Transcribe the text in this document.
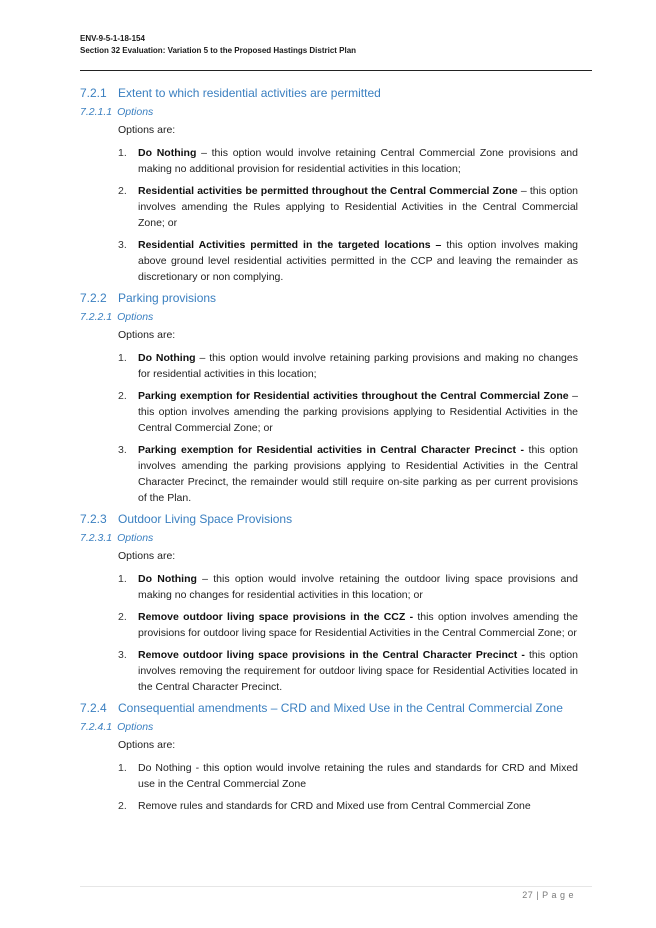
ENV-9-5-1-18-154
Section 32 Evaluation: Variation 5 to the Proposed Hastings District Plan
7.2.1 Extent to which residential activities are permitted
7.2.1.1 Options
Options are:
1. Do Nothing – this option would involve retaining Central Commercial Zone provisions and making no additional provision for residential activities in this location;
2. Residential activities be permitted throughout the Central Commercial Zone – this option involves amending the Rules applying to Residential Activities in the Central Commercial Zone; or
3. Residential Activities permitted in the targeted locations – this option involves making above ground level residential activities permitted in the CCP and leaving the remainder as discretionary or non complying.
7.2.2 Parking provisions
7.2.2.1 Options
Options are:
1. Do Nothing – this option would involve retaining parking provisions and making no changes for residential activities in this location;
2. Parking exemption for Residential activities throughout the Central Commercial Zone – this option involves amending the parking provisions applying to Residential Activities in the Central Commercial Zone; or
3. Parking exemption for Residential activities in Central Character Precinct - this option involves amending the parking provisions applying to Residential Activities in the Central Character Precinct, the remainder would still require on-site parking as per current provisions of the Plan.
7.2.3 Outdoor Living Space Provisions
7.2.3.1 Options
Options are:
1. Do Nothing – this option would involve retaining the outdoor living space provisions and making no changes for residential activities in this location; or
2. Remove outdoor living space provisions in the CCZ - this option involves amending the provisions for outdoor living space for Residential Activities in the Central Commercial Zone; or
3. Remove outdoor living space provisions in the Central Character Precinct - this option involves removing the requirement for outdoor living space for Residential Activities located in the Central Character Precinct.
7.2.4 Consequential amendments – CRD and Mixed Use in the Central Commercial Zone
7.2.4.1 Options
Options are:
1. Do Nothing - this option would involve retaining the rules and standards for CRD and Mixed use in the Central Commercial Zone
2. Remove rules and standards for CRD and Mixed use from Central Commercial Zone
27 | P a g e
